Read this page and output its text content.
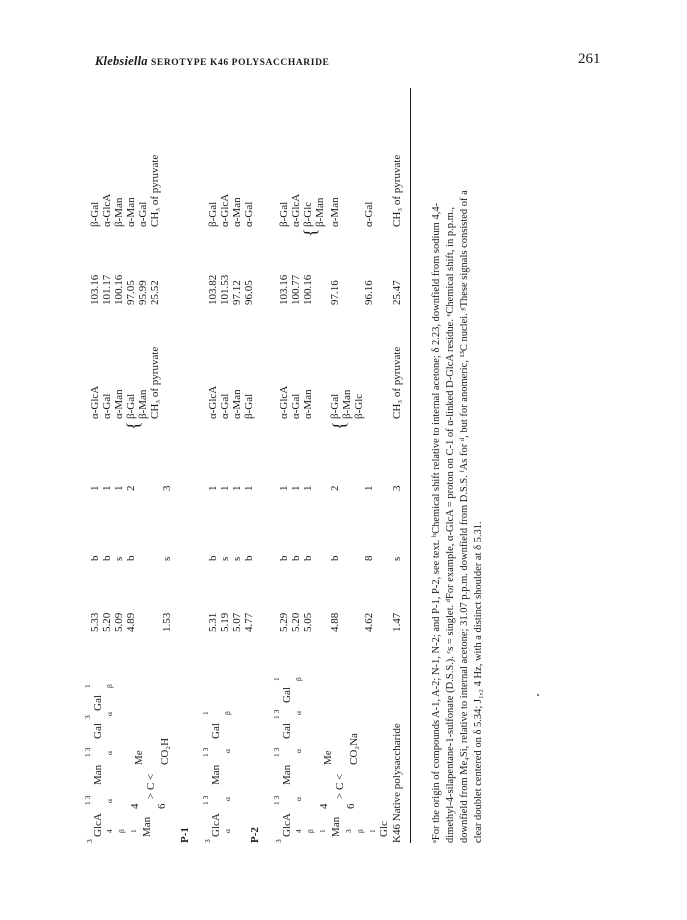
Klebsiella SEROTYPE K46 POLYSACCHARIDE	261
3
GlcA
1 3
Man
1 3
Gal
3
Gal
1
α
α
α
β
4 β 1
4
Me
Man
> C <
6
CO₂H
P-1
5.33 5.20 5.09 4.89 1.53
b b s b s
1 1 1 2 3
α-GlcA α-Gal α-Man
{
β-Gal β-Man CH₃ of pyruvate
103.16 101.17 100.16 97.05 95.99 25.52
β-Gal α-GlcA β-Man α-Man α-Gal CH₃ of pyruvate
3
GlcA
1 3
Man
1 3
Gal
1
α
α
α
β
P-2
5.31 5.19 5.07 4.77
b s s b
1 1 1 1
α-GlcA α-Gal α-Man β-Gal
103.82 101.53 97.12 96.05
β-Gal α-GlcA α-Man α-Gal
3
GlcA
1 3
Man
1 3
Gal
1 3
Gal
1
α
α
α
β
4 β 1
4
Me
Man
> C <
3
6
CO₂Na
β 1 Glc K46 Native polysaccharide
5.29 5.20 5.05 4.88 4.62 1.47
b b b b 8 s
1 1 1 2 1 3
α-GlcA α-Gal α-Man
{
β-Gal β-Man β-Glc CH₃ of pyruvate
103.16 100.77 100.16 97.16 96.16 25.47
β-Gal α-GlcA
{
β-Glc β-Man α-Man α-Gal CH₃ of pyruvate

ᵃFor the origin of compounds A-1, A-2; N-1, N-2; and P-1, P-2, see text. ᵇChemical shift relative to internal acetone; δ 2.23, downfield from sodium 4,4- dimethyl-4-silapentane-1-sulfonate (D.S.S.). ᶜs = singlet. ᵈFor example, α-GlcA = proton on C-1 of α-linked D-GlcA residue. ᵉChemical shift, in p.p.m., downfield from Me₄Si, relative to internal acetone; 31.07 p.p.m. downfield from D.S.S. ᶠAs for ᵈ, but for anomeric, ¹³C nuclei. ᵍThese signals consisted of a clear doublet centered on δ 5.34; J₁,₂ 4 Hz, with a distinct shoulder at δ 5.31.
